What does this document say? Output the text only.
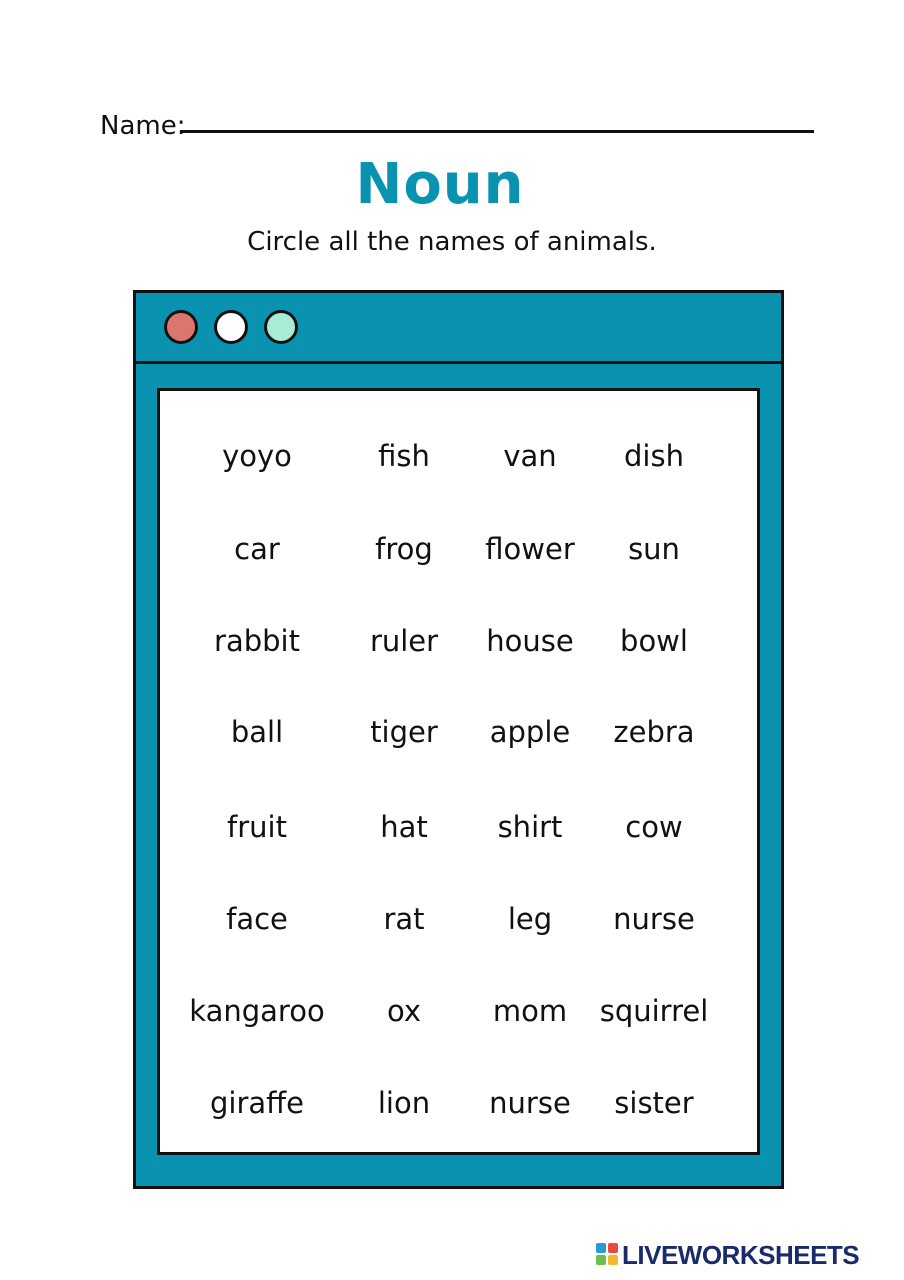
Name:
Noun
Circle all the names of animals.
yoyo	fish	van	dish
car	frog	flower	sun
rabbit	ruler	house	bowl
ball	tiger	apple	zebra
fruit	hat	shirt	cow
face	rat	leg	nurse
kangaroo	ox	mom	squirrel
giraffe	lion	nurse	sister
LIVEWORKSHEETS
